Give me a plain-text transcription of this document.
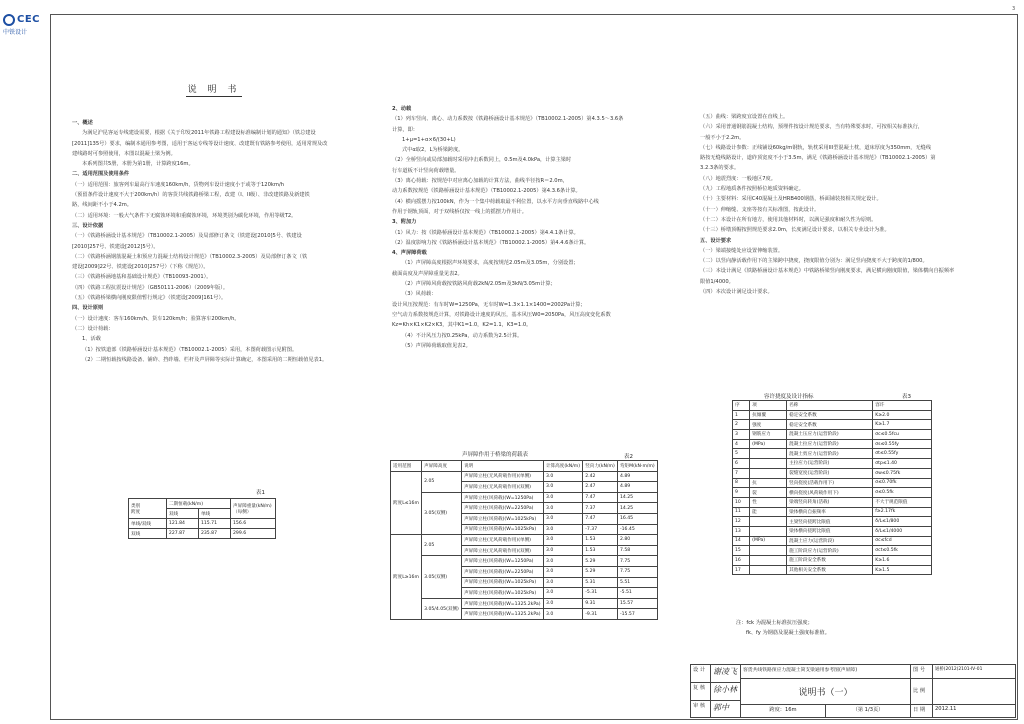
CEC
中铁设计
3
说 明 书

一、概述

为满足沪昆客运专线建设需要，根据《关于印发2011年铁路工程建设标准编制计划的通知》（铁总建设

[2011]135号）要求，编制本通用参考图，适用于客运专线等设计速度、改建既有铁路参考使用，适用常规及改

建线路时可参照使用，本图以混凝土梁为例。

本系列图共5册，本册为第1册，计算跨度16m。

二、适用范围及使用条件

（一）适用范围：旅客列车最高行车速度160km/h，货物列车设计速度小于或等于120km/h

（预留条件设计速度不大于200km/h）的客货共线铁路桥梁工程，改建（I、II级）、非改建铁路及新建铁

路，线间距不小于4.2m。

（二）适用环境：一般大气条件下无腐蚀环境和重腐蚀环境，环境类别为碳化环境，作用等级T2。

三、设计依据

（一）《铁路桥涵设计基本规范》（TB10002.1-2005）及局部修订条文（铁建设[2010]5号、铁建设

[2010]257号、铁建设[2012]5号）。

（二）《铁路桥涵钢筋混凝土和预应力混凝土结构设计规范》（TB10002.3-2005）及局部修订条文（铁

建设[2009]22号、铁建设[2010]257号）（下称《规范》）。

（三）《铁路桥涵地基和基础设计规范》（TB10093-2001）。

（四）《铁路工程抗震设计规范》（GB50111-2006）（2009年版）。

（五）《铁路桥梁横向刚度限值暂行规定》（铁建设[2009]161号）。

四、设计原则

（一）设计速度：客车160km/h、货车120km/h；验算客车200km/h。

（二）设计荷载：

1、活载

（1）按铁道部《铁路桥涵设计基本规范》（TB10002.1-2005）采用，本图荷载图示见附图。

（2）二期恒载按线路设备、铺砟、挡砟墙、栏杆及声屏障等实际计算确定，本图采用的二期恒载值见表1。

2、动载

（1）列车竖向、离心、动力系数按《铁路桥涵设计基本规范》（TB10002.1-2005）第4.3.5～3.6条

计算，即：

1+μ=1+α×6/(30+L)

式中α取2，L为桥梁跨度。

（2）全桥竖向或局部加载时采用冲击系数同上，0.5m及4.0kPa，计算主梁时

行车道板不计竖向荷载增量。

（3）离心荷载：按规范中对应离心加载的计算方法，曲线半径按R＝2.0m，

动力系数按规范《铁路桥涵设计基本规范》（TB10002.1-2005）第4.3.6条计算。

（4）横向摇摆力按100kN，作为一个集中荷载取最不利位置，以水平方向垂直线路中心线

作用于钢轨顶面，对于双线桥仅按一线上的摇摆力作用计。

3、附加力

（1）风力：按《铁路桥涵设计基本规范》（TB10002.1-2005）第4.4.1条计算。

（2）温度影响力按《铁路桥涵设计基本规范》（TB10002.1-2005）第4.4.6条计算。

4、声屏障荷载

（1）声屏障高度根据声环境要求，高度按规范2.05m及3.05m，分别设置；

截面高度及声屏障重量见表2。

（2）声屏障风荷载按铁路风荷载2kN/2.05m及3kN/3.05m计算；

（3）风荷载：

设计风压按规范：有车时W=1250Pa，无车时W=1.3×1.1×1400=2002Pa计算；

空气动力系数按规范计算，对铁路设计速度的风压，基本风压W0=2050Pa，风压高度变化系数

Kz=Kh×K1×K2×K3，其中K1=1.0，K2=1.1，K3=1.0。

（4）不计风压力按0.25kPa，动力系数为2.5计算。

（5）声屏障荷载取值见表2。

（五）曲线：梁跨度宜设置在直线上。

（六）采用普通钢筋混凝土结构，预埋件按设计规范要求，当有特殊要求时，可按相关标准执行，

一般不小于2.2m。

（七）线路设计参数：正线铺设60kg/m钢轨，轨枕采用III型混凝土枕，道床厚度为350mm，无缝线

路按无缝线路设计，道砟顶宽度不小于3.5m，满足《铁路桥涵设计基本规范》（TB10002.1-2005）第

3.2.3条的要求。

（八）地震烈度：一般地区7度。

（九）工程地质条件按照桥位地质资料确定。

（十）主要材料：采用C40混凝土及HRB400钢筋，桥面铺装按相关规定设计。

（十一）伸缩缝、支座等按有关标准图，按此设计。

（十二）本设计在所有地方，使用其他材料时，以满足强度和耐久性为原则。

（十三）桥墩顶帽按照规范要求2.0m，长度满足设计要求，以相关专业设计为准。

五、设计要求

（一）梁端接缝处应设置伸缩装置。

（二）以竖向静活载作用下的主梁跨中挠度，挠度限值分别为：满足竖向挠度不大于跨度的1/800。

（三）本设计满足《铁路桥涵设计基本规范》中铁路桥梁竖向刚度要求，满足横向刚度限值，梁体横向自振频率

限值1/4000。

（四）本次设计满足设计要求。

表1
类别
跨度	二期恒载(kN/m)		声屏障重量(kN/m)（每侧）
	双线	单线	
单线/双线	121.84	115.71	156.6
双线	227.87	235.87	299.6
声屏障作用于桥梁的荷载表	表2
适用范围	声屏障高度	说明	计算高度(kN/m)	竖向力(kN/m)	弯矩M(kN·m/m)
跨度L≤16m	2.05	声屏障立柱(无风荷载作用)(单侧)	3.0	2.42	4.89
		声屏障立柱(无风荷载作用)(双侧)	3.0	2.47	4.89
	3.05(双侧)	声屏障立柱(风荷载)(W=1250Pa)	3.0	7.47	14.25
		声屏障立柱(风荷载)(W=2250Pa)	3.0	7.37	14.25
		声屏障立柱(风荷载)(W=1025kPa)	3.0	7.47	16.45
		声屏障立柱(风荷载)(W=1025kPa)	3.0	-7.37	-16.45
跨度L≥16m	2.05	声屏障立柱(无风荷载作用)(单侧)	3.0	1.53	2.80
		声屏障立柱(无风荷载作用)(双侧)	3.0	1.53	7.58
	3.05(双侧)	声屏障立柱(风荷载)(W=1250Pa)	3.0	5.29	7.75
		声屏障立柱(风荷载)(W=2250Pa)	3.0	5.29	7.75
		声屏障立柱(风荷载)(W=1025kPa)	3.0	5.31	5.51
		声屏障立柱(风荷载)(W=1025kPa)	3.0	-5.31	-5.51
	3.05/4.05(双侧)	声屏障立柱(风荷载)(W=1325.2kPa)	3.0	9.31	15.57
		声屏障立柱(风荷载)(W=1325.2kPa)	3.0	-9.31	-15.57
容许挠度及设计指标	表3
序	项	名称	容许
1	抗倾覆	稳定安全系数	K≥2.0
2	强度	稳定安全系数	K≥1.7
3	钢筋应力	混凝土压应力(运营阶段)	σc≤0.5fcu
4	(MPa)	混凝土拉应力(运营阶段)	σs≤0.55fy
5		混凝土剪应力(运营阶段)	σt≤0.55fy
6		主拉应力(运营阶段)	σtp≤1.40
7		裂缝宽度(运营阶段)	σw≤0.75fk
8	抗	竖向挠度(活载作用下)	σ≤0.70fk
9	裂	横向挠度(风荷载作用下)	σ≤0.5fk
10	性	梁端竖向转角(活载)	不大于规范限值
11	能	梁体横向自振频率	f≥2.17fk
12		主梁竖向挠跨比限值	δ/L≤1/800
13		梁体横向挠跨比限值	δ/L≤1/4000
14	(MPa)	混凝土应力(运营阶段)	σc≤fcd
15		施工阶段应力(运营阶段)	σct≤0.5fk
16		施工阶段安全系数	K≥1.6
17		其他相关安全系数	K≥1.5

注：fck 为混凝土标准抗压强度；

fk、fy 为钢筋及混凝土强度标准值。

设 计 谢凌飞
复 核 徐小林
审 核 郭中
客货共线铁路预应力混凝土简支梁通用参考图(声屏障)
说明书（一）
跨度：16m	（第 1/3页）
图 号	通桥(2012)2101-Ⅳ-01
比 例
日 期	2012.11
